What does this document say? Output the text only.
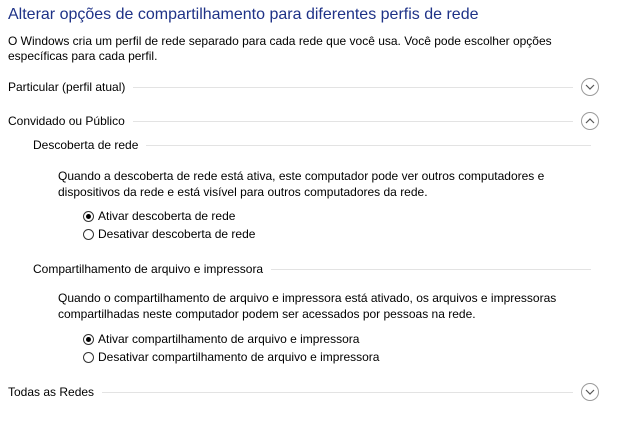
Alterar opções de compartilhamento para diferentes perfis de rede
O Windows cria um perfil de rede separado para cada rede que você usa. Você pode escolher opções específicas para cada perfil.
Particular (perfil atual)
Convidado ou Público
Descoberta de rede
Quando a descoberta de rede está ativa, este computador pode ver outros computadores e dispositivos da rede e está visível para outros computadores da rede.
Ativar descoberta de rede
Desativar descoberta de rede
Compartilhamento de arquivo e impressora
Quando o compartilhamento de arquivo e impressora está ativado, os arquivos e impressoras compartilhadas neste computador podem ser acessados por pessoas na rede.
Ativar compartilhamento de arquivo e impressora
Desativar compartilhamento de arquivo e impressora
Todas as Redes
